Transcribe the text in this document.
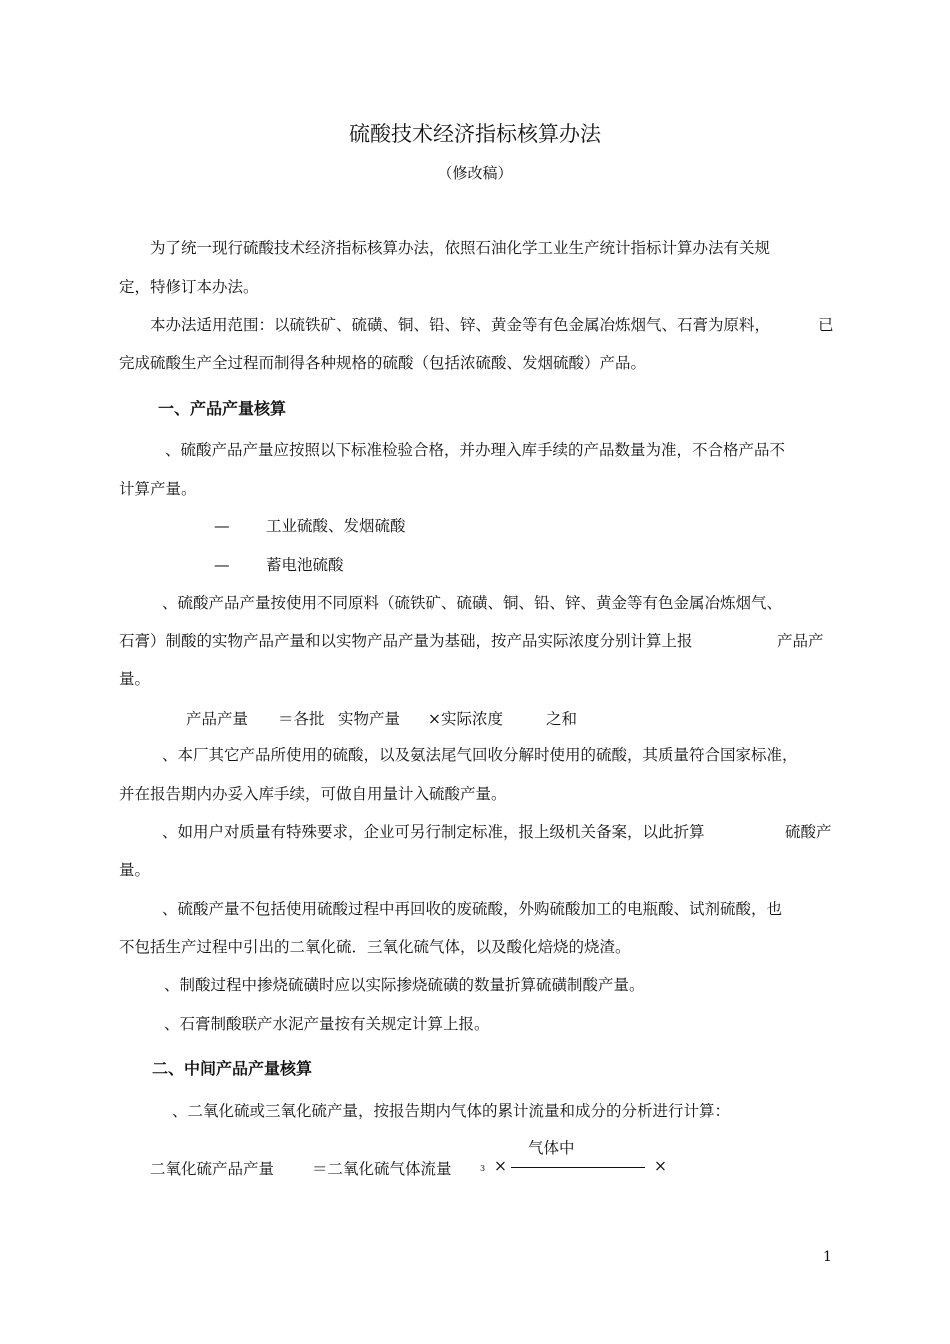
硫酸技术经济指标核算办法
（修改稿）
为了统一现行硫酸技术经济指标核算办法，依照石油化学工业生产统计指标计算办法有关规
定，特修订本办法。
本办法适用范围：以硫铁矿、硫磺、铜、铅、锌、黄金等有色金属冶炼烟气、石膏为原料，	已
完成硫酸生产全过程而制得各种规格的硫酸（包括浓硫酸、发烟硫酸）产品。
一、产品产量核算
、硫酸产品产量应按照以下标准检验合格，并办理入库手续的产品数量为准，不合格产品不
计算产量。
— 工业硫酸、发烟硫酸
— 蓄电池硫酸
、硫酸产品产量按使用不同原料（硫铁矿、硫磺、铜、铅、锌、黄金等有色金属冶炼烟气、
石膏）制酸的实物产品产量和以实物产品产量为基础，按产品实际浓度分别计算上报	产品产
量。
产品产量 ＝各批 实物产量 ×实际浓度	之和
、本厂其它产品所使用的硫酸，以及氨法尾气回收分解时使用的硫酸，其质量符合国家标准，
并在报告期内办妥入库手续，可做自用量计入硫酸产量。
、如用户对质量有特殊要求，企业可另行制定标准，报上级机关备案，以此折算	硫酸产
量。
、硫酸产量不包括使用硫酸过程中再回收的废硫酸，外购硫酸加工的电瓶酸、试剂硫酸，也
不包括生产过程中引出的二氧化硫．三氧化硫气体，以及酸化焙烧的烧渣。
、制酸过程中掺烧硫磺时应以实际掺烧硫磺的数量折算硫磺制酸产量。
、石膏制酸联产水泥产量按有关规定计算上报。
二、中间产品产量核算
、二氧化硫或三氧化硫产量，按报告期内气体的累计流量和成分的分析进行计算：
气体中
二氧化硫产品产量 ＝二氧化硫气体流量	3 ×	×
1
